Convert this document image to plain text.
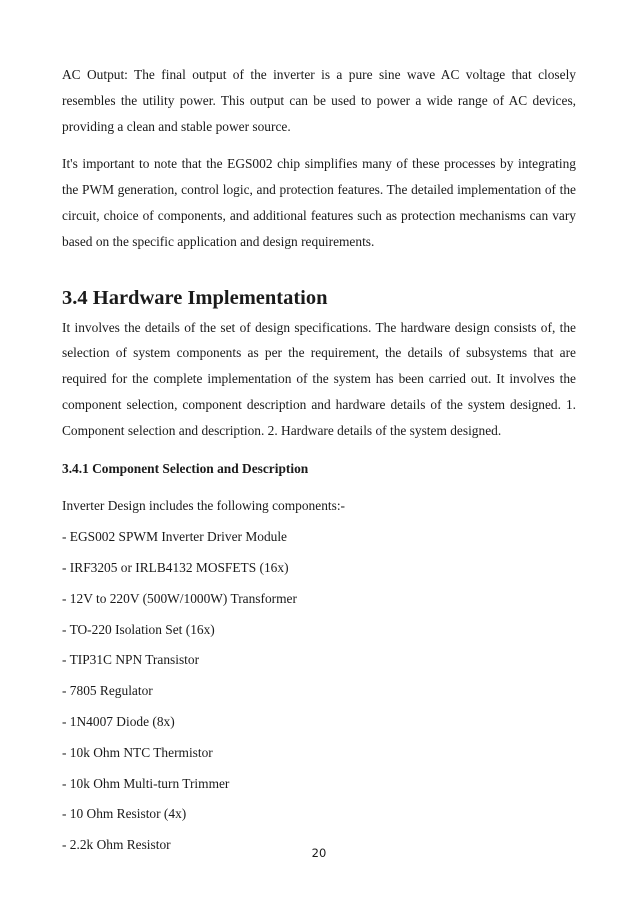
AC Output: The final output of the inverter is a pure sine wave AC voltage that closely resembles the utility power. This output can be used to power a wide range of AC devices, providing a clean and stable power source.

It's important to note that the EGS002 chip simplifies many of these processes by integrating the PWM generation, control logic, and protection features. The detailed implementation of the circuit, choice of components, and additional features such as protection mechanisms can vary based on the specific application and design requirements.

3.4 Hardware Implementation

It involves the details of the set of design specifications. The hardware design consists of, the selection of system components as per the requirement, the details of subsystems that are required for the complete implementation of the system has been carried out. It involves the component selection, component description and hardware details of the system designed. 1. Component selection and description. 2. Hardware details of the system designed.

3.4.1 Component Selection and Description

Inverter Design includes the following components:-

- EGS002 SPWM Inverter Driver Module
- IRF3205 or IRLB4132 MOSFETS (16x)
- 12V to 220V (500W/1000W) Transformer
- TO-220 Isolation Set (16x)
- TIP31C NPN Transistor
- 7805 Regulator
- 1N4007 Diode (8x)
- 10k Ohm NTC Thermistor
- 10k Ohm Multi-turn Trimmer
- 10 Ohm Resistor (4x)
- 2.2k Ohm Resistor
20
